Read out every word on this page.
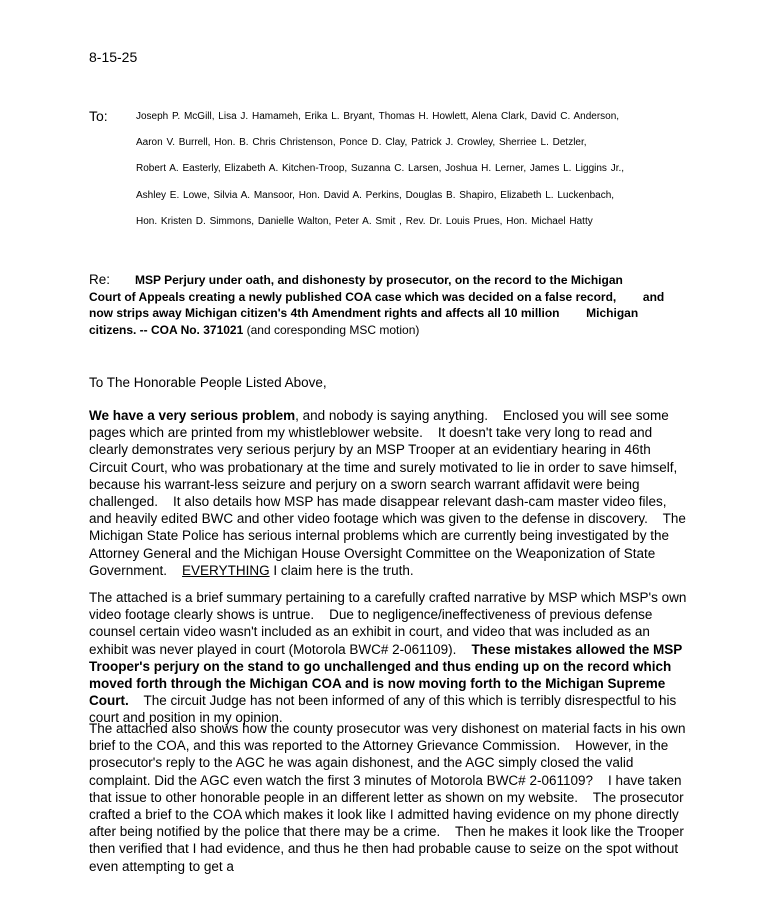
8-15-25
To:	Joseph P. McGill, Lisa J. Hamameh, Erika L. Bryant, Thomas H. Howlett, Alena Clark, David C. Anderson,
Aaron V. Burrell, Hon. B. Chris Christenson, Ponce D. Clay, Patrick J. Crowley, Sherriee L. Detzler,
Robert A. Easterly, Elizabeth A. Kitchen-Troop, Suzanna C. Larsen, Joshua H. Lerner, James L. Liggins Jr.,
Ashley E. Lowe, Silvia A. Mansoor, Hon. David A. Perkins, Douglas B. Shapiro, Elizabeth L. Luckenbach,
Hon. Kristen D. Simmons, Danielle Walton, Peter A. Smit , Rev. Dr. Louis Prues, Hon. Michael Hatty
Re: MSP Perjury under oath, and dishonesty by prosecutor, on the record to the Michigan                Court of Appeals creating a newly published COA case which was decided on a false record,        and now strips away Michigan citizen's 4th Amendment rights and affects all 10 million        Michigan citizens. -- COA No. 371021 (and coresponding MSC motion)
To The Honorable People Listed Above,
We have a very serious problem, and nobody is saying anything.    Enclosed you will see some pages which are printed from my whistleblower website.    It doesn't take very long to read and clearly demonstrates very serious perjury by an MSP Trooper at an evidentiary hearing in 46th Circuit Court, who was probationary at the time and surely motivated to lie in order to save himself, because his warrant-less seizure and perjury on a sworn search warrant affidavit were being challenged.    It also details how MSP has made disappear relevant dash-cam master video files, and heavily edited BWC and other video footage which was given to the defense in discovery.    The Michigan State Police has serious internal problems which are currently being investigated by the Attorney General and the Michigan House Oversight Committee on the Weaponization of State Government.    EVERYTHING I claim here is the truth.
The attached is a brief summary pertaining to a carefully crafted narrative by MSP which MSP's own video footage clearly shows is untrue.    Due to negligence/ineffectiveness of previous defense counsel certain video wasn't included as an exhibit in court, and video that was included as an exhibit was never played in court (Motorola BWC# 2-061109).    These mistakes allowed the MSP Trooper's perjury on the stand to go unchallenged and thus ending up on the record which moved forth through the Michigan COA and is now moving forth to the Michigan Supreme Court.    The circuit Judge has not been informed of any of this which is terribly disrespectful to his court and position in my opinion.
The attached also shows how the county prosecutor was very dishonest on material facts in his own brief to the COA, and this was reported to the Attorney Grievance Commission.    However, in the prosecutor's reply to the AGC he was again dishonest, and the AGC simply closed the valid complaint. Did the AGC even watch the first 3 minutes of Motorola BWC# 2-061109?    I have taken that issue to other honorable people in an different letter as shown on my website.    The prosecutor crafted a brief to the COA which makes it look like I admitted having evidence on my phone directly after being notified by the police that there may be a crime.    Then he makes it look like the Trooper then verified that I had evidence, and thus he then had probable cause to seize on the spot without even attempting to get a
